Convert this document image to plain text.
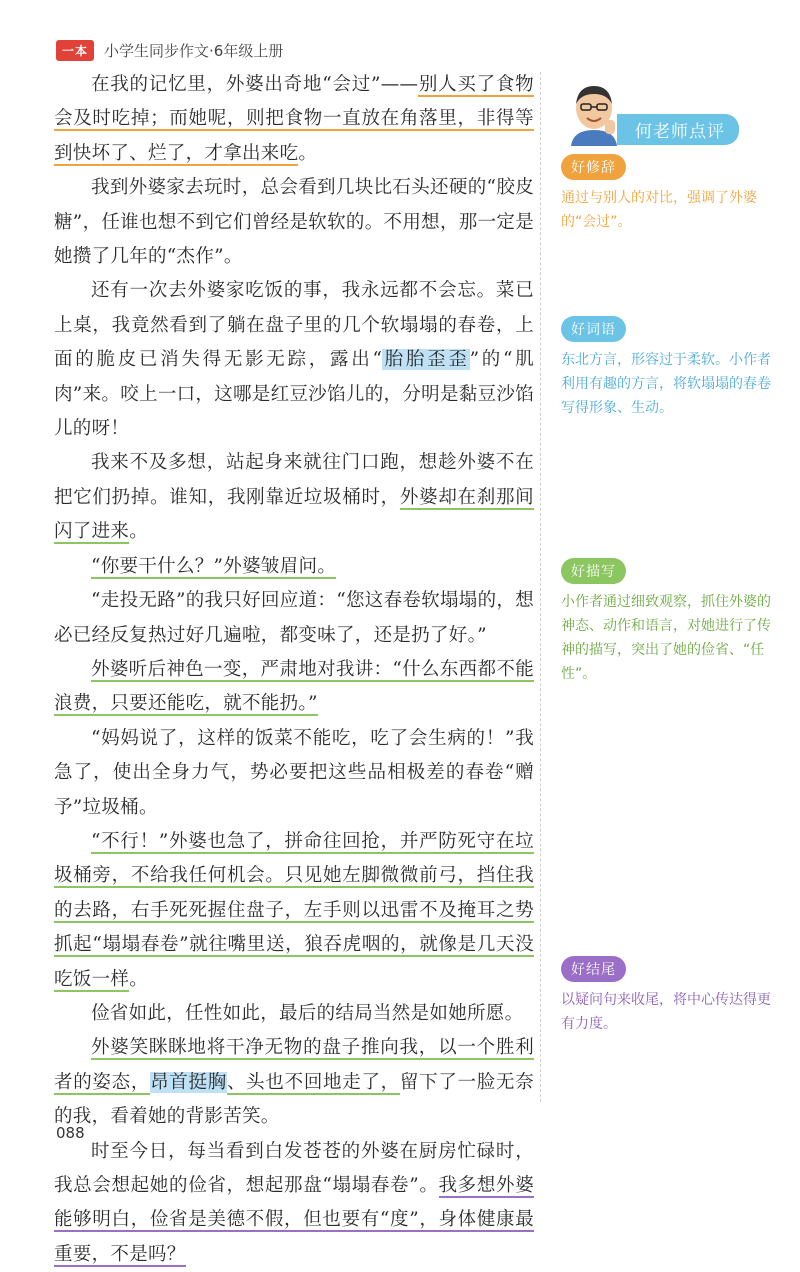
一本	小学生同步作文·6年级上册

在我的记忆里，外婆出奇地“会过”——别人买了食物会及时吃掉；而她呢，则把食物一直放在角落里，非得等到快坏了、烂了，才拿出来吃。

我到外婆家去玩时，总会看到几块比石头还硬的“胶皮糖”，任谁也想不到它们曾经是软软的。不用想，那一定是她攒了几年的“杰作”。

还有一次去外婆家吃饭的事，我永远都不会忘。菜已上桌，我竟然看到了躺在盘子里的几个软塌塌的春卷，上面的脆皮已消失得无影无踪，露出“胎胎歪歪”的“肌肉”来。咬上一口，这哪是红豆沙馅儿的，分明是黏豆沙馅儿的呀！

我来不及多想，站起身来就往门口跑，想趁外婆不在把它们扔掉。谁知，我刚靠近垃圾桶时，外婆却在刹那间闪了进来。

“你要干什么？”外婆皱眉问。

“走投无路”的我只好回应道：“您这春卷软塌塌的，想必已经反复热过好几遍啦，都变味了，还是扔了好。”

外婆听后神色一变，严肃地对我讲：“什么东西都不能浪费，只要还能吃，就不能扔。”

“妈妈说了，这样的饭菜不能吃，吃了会生病的！”我急了，使出全身力气，势必要把这些品相极差的春卷“赠予”垃圾桶。

“不行！”外婆也急了，拼命往回抢，并严防死守在垃圾桶旁，不给我任何机会。只见她左脚微微前弓，挡住我的去路，右手死死握住盘子，左手则以迅雷不及掩耳之势抓起“塌塌春卷”就往嘴里送，狼吞虎咽的，就像是几天没吃饭一样。

俭省如此，任性如此，最后的结局当然是如她所愿。

外婆笑眯眯地将干净无物的盘子推向我，以一个胜利者的姿态，昂首挺胸、头也不回地走了，留下了一脸无奈的我，看着她的背影苦笑。

时至今日，每当看到白发苍苍的外婆在厨房忙碌时，我总会想起她的俭省，想起那盘“塌塌春卷”。我多想外婆能够明白，俭省是美德不假，但也要有“度”，身体健康最重要，不是吗？

何老师点评
好修辞

通过与别人的对比，强调了外婆的“会过”。

好词语

东北方言，形容过于柔软。小作者利用有趣的方言，将软塌塌的春卷写得形象、生动。

好描写

小作者通过细致观察，抓住外婆的神态、动作和语言，对她进行了传神的描写，突出了她的俭省、“任性”。

好结尾

以疑问句来收尾，将中心传达得更有力度。

088
